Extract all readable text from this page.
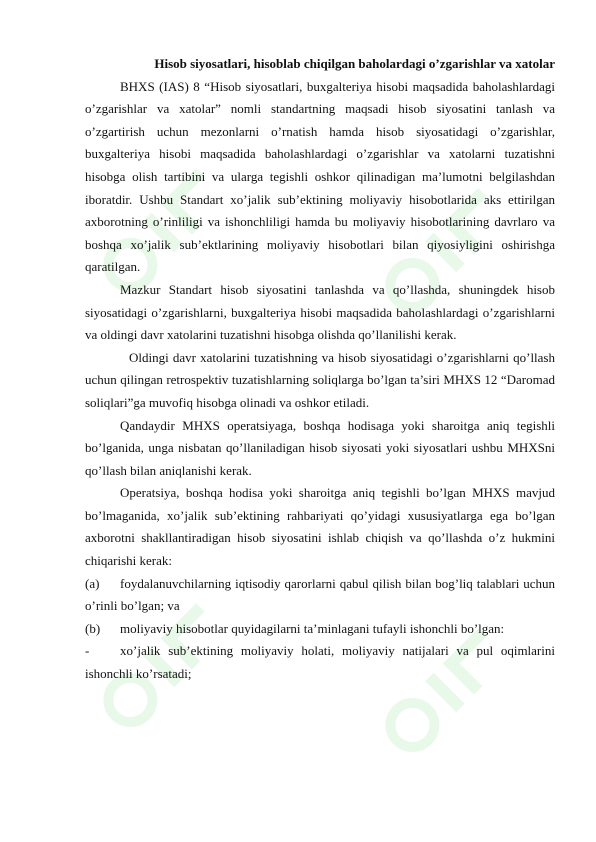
Hisob siyosatlari, hisoblab chiqilgan baholardagi o’zgarishlar va xatolar

BHXS (IAS) 8 “Hisob siyosatlari, buxgalteriya hisobi maqsadida baholashlardagi o’zgarishlar va xatolar” nomli standartning maqsadi hisob siyosatini tanlash va o’zgartirish uchun mezonlarni o’rnatish hamda hisob siyosatidagi o’zgarishlar, buxgalteriya hisobi maqsadida baholashlardagi o’zgarishlar va xatolarni tuzatishni hisobga olish tartibini va ularga tegishli oshkor qilinadigan ma’lumotni belgilashdan iboratdir. Ushbu Standart xo’jalik sub’ektining moliyaviy hisobotlarida aks ettirilgan axborotning o’rinliligi va ishonchliligi hamda bu moliyaviy hisobotlarining davrlaro va boshqa xo’jalik sub’ektlarining moliyaviy hisobotlari bilan qiyosiyligini oshirishga qaratilgan.

Mazkur Standart hisob siyosatini tanlashda va qo’llashda, shuningdek hisob siyosatidagi o’zgarishlarni, buxgalteriya hisobi maqsadida baholashlardagi o’zgarishlarni va oldingi davr xatolarini tuzatishni hisobga olishda qo’llanilishi kerak.

Oldingi davr xatolarini tuzatishning va hisob siyosatidagi o’zgarishlarni qo’llash uchun qilingan retrospektiv tuzatishlarning soliqlarga bo’lgan ta’siri MHXS 12 “Daromad soliqlari”ga muvofiq hisobga olinadi va oshkor etiladi.

Qandaydir MHXS operatsiyaga, boshqa hodisaga yoki sharoitga aniq tegishli bo’lganida, unga nisbatan qo’llaniladigan hisob siyosati yoki siyosatlari ushbu MHXSni qo’llash bilan aniqlanishi kerak.

Operatsiya, boshqa hodisa yoki sharoitga aniq tegishli bo’lgan MHXS mavjud bo’lmaganida, xo’jalik sub’ektining rahbariyati qo’yidagi xususiyatlarga ega bo’lgan axborotni shakllantiradigan hisob siyosatini ishlab chiqish va qo’llashda o’z hukmini chiqarishi kerak:

(a) foydalanuvchilarning iqtisodiy qarorlarni qabul qilish bilan bog’liq talablari uchun o’rinli bo’lgan; va

(b) moliyaviy hisobotlar quyidagilarni ta’minlagani tufayli ishonchli bo’lgan:

- xo’jalik sub’ektining moliyaviy holati, moliyaviy natijalari va pul oqimlarini ishonchli ko’rsatadi;
